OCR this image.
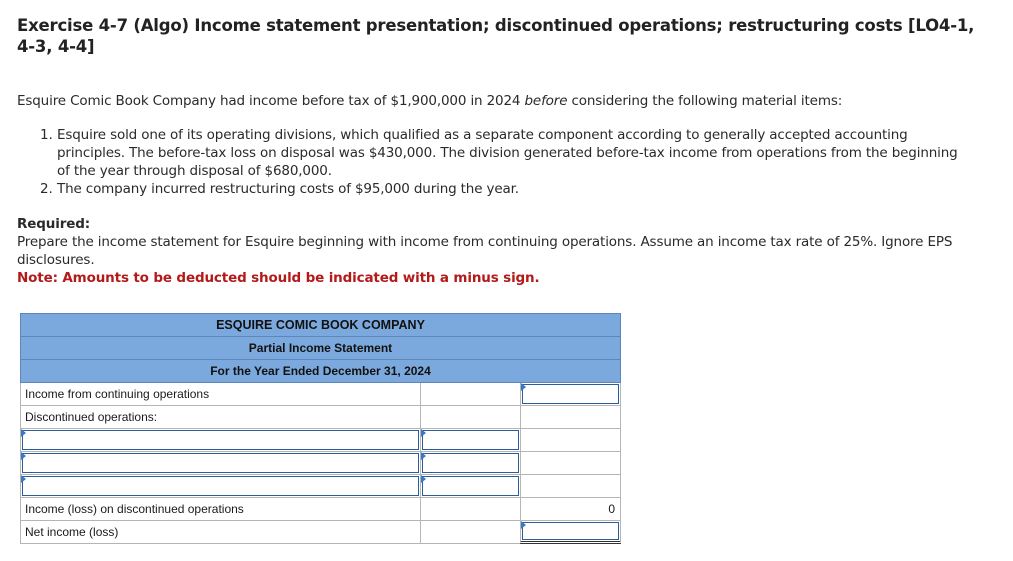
Exercise 4-7 (Algo) Income statement presentation; discontinued operations; restructuring costs [LO4-1, 4-3, 4-4]
Esquire Comic Book Company had income before tax of $1,900,000 in 2024 before considering the following material items:
1. Esquire sold one of its operating divisions, which qualified as a separate component according to generally accepted accounting principles. The before-tax loss on disposal was $430,000. The division generated before-tax income from operations from the beginning of the year through disposal of $680,000.
2. The company incurred restructuring costs of $95,000 during the year.
Required:
Prepare the income statement for Esquire beginning with income from continuing operations. Assume an income tax rate of 25%. Ignore EPS disclosures.
Note: Amounts to be deducted should be indicated with a minus sign.
ESQUIRE COMIC BOOK COMPANY
Partial Income Statement
For the Year Ended December 31, 2024
Income from continuing operations
Discontinued operations:
Income (loss) on discontinued operations	0
Net income (loss)
